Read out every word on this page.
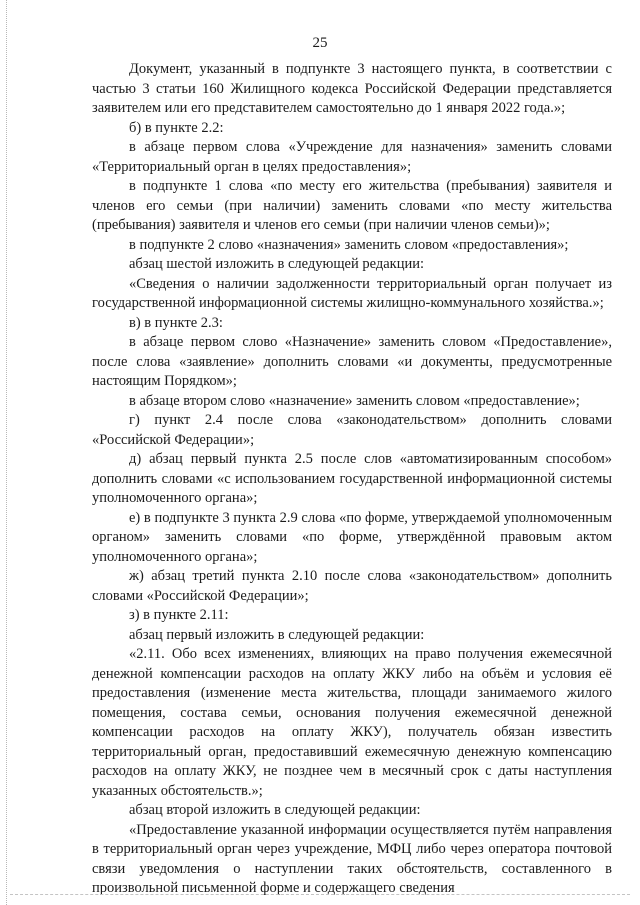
25

Документ, указанный в подпункте 3 настоящего пункта, в соответствии с частью 3 статьи 160 Жилищного кодекса Российской Федерации представляется заявителем или его представителем самостоятельно до 1 января 2022 года.»;

б) в пункте 2.2:

в абзаце первом слова «Учреждение для назначения» заменить словами «Территориальный орган в целях предоставления»;

в подпункте 1 слова «по месту его жительства (пребывания) заявителя и членов его семьи (при наличии) заменить словами «по месту жительства (пребывания) заявителя и членов его семьи (при наличии членов семьи)»;

в подпункте 2 слово «назначения» заменить словом «предоставления»;

абзац шестой изложить в следующей редакции:

«Сведения о наличии задолженности территориальный орган получает из государственной информационной системы жилищно-коммунального хозяйства.»;

в) в пункте 2.3:

в абзаце первом слово «Назначение» заменить словом «Предоставление», после слова «заявление» дополнить словами «и документы, предусмотренные настоящим Порядком»;

в абзаце втором слово «назначение» заменить словом «предоставление»;

г) пункт 2.4 после слова «законодательством» дополнить словами «Российской Федерации»;

д) абзац первый пункта 2.5 после слов «автоматизированным способом» дополнить словами «с использованием государственной информационной системы уполномоченного органа»;

е) в подпункте 3 пункта 2.9 слова «по форме, утверждаемой уполномоченным органом» заменить словами «по форме, утверждённой правовым актом уполномоченного органа»;

ж) абзац третий пункта 2.10 после слова «законодательством» дополнить словами «Российской Федерации»;

з) в пункте 2.11:

абзац первый изложить в следующей редакции:

«2.11. Обо всех изменениях, влияющих на право получения ежемесячной денежной компенсации расходов на оплату ЖКУ либо на объём и условия её предоставления (изменение места жительства, площади занимаемого жилого помещения, состава семьи, основания получения ежемесячной денежной компенсации расходов на оплату ЖКУ), получатель обязан известить территориальный орган, предоставивший ежемесячную денежную компенсацию расходов на оплату ЖКУ, не позднее чем в месячный срок с даты наступления указанных обстоятельств.»;

абзац второй изложить в следующей редакции:

«Предоставление указанной информации осуществляется путём направления в территориальный орган через учреждение, МФЦ либо через оператора почтовой связи уведомления о наступлении таких обстоятельств, составленного в произвольной письменной форме и содержащего сведения
